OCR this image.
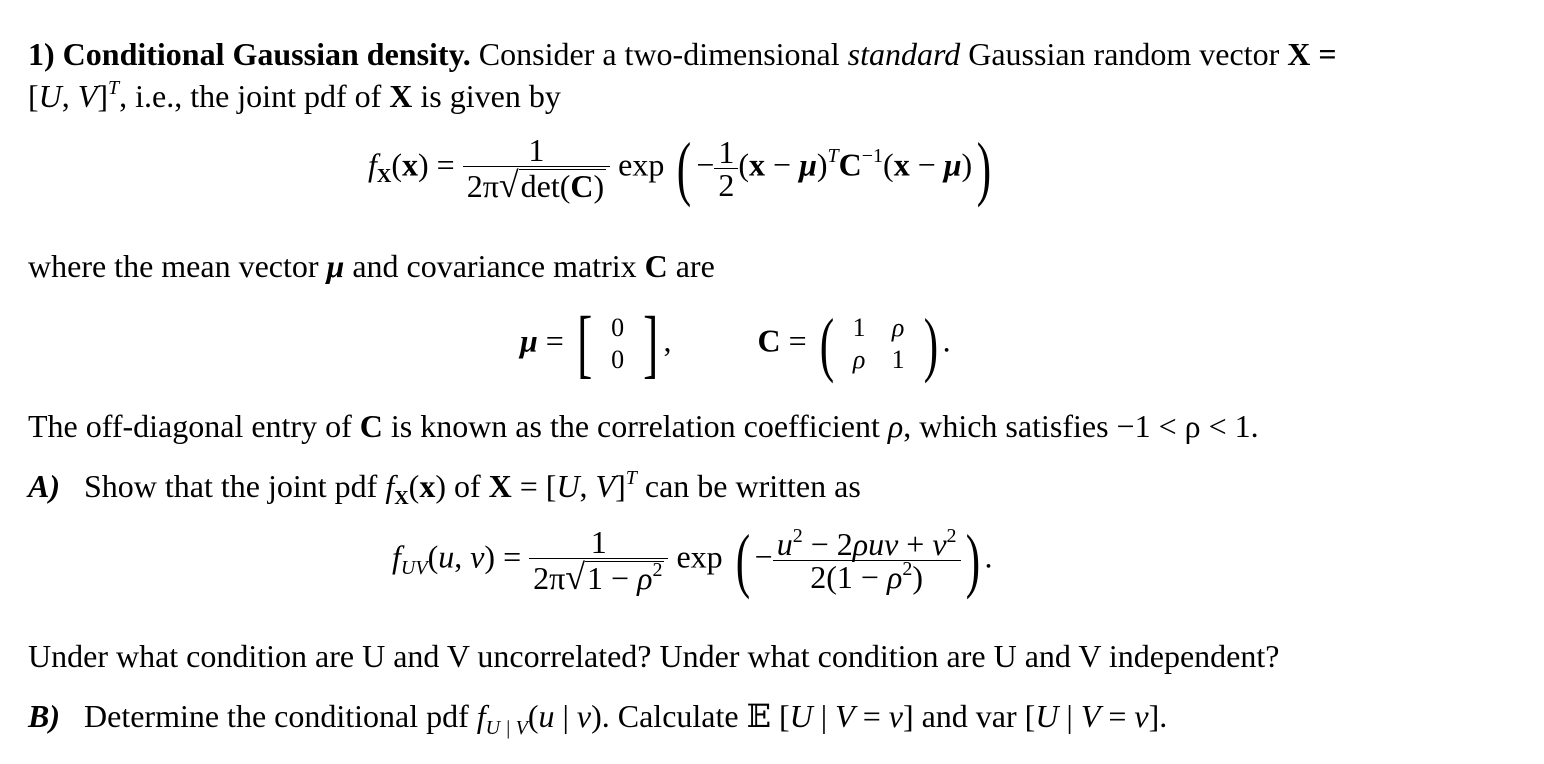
1) Conditional Gaussian density. Consider a two-dimensional standard Gaussian random vector X =
[U, V]$^T$, i.e., the joint pdf of X is given by
$f_X(x) = \frac{1}{2\pi√\det(C)}$ exp ( − $\frac{1}{2} (x - \mu)^TC^{-1}(x - \mu)$)
where the mean vector μ and covariance matrix C are
μ = [ 0
0 ] ,  C = ( 1	ρ
ρ	1 ) .
The off-diagonal entry of C is known as the correlation coefficient ρ, which satisfies −1 < ρ < 1.
A) Show that the joint pdf $f_X(x)$ of X = [U, V]$^T$ can be written as
$f_{UV}(u$, $v) = \frac{1}{2\pi√1 - \rho^2}$ exp ( − $\frac{u^2 - 2\rho uv + v^2}{2(1 - \rho^2)}$ ) .
Under what condition are U and V uncorrelated? Under what condition are U and V independent?
B) Determine the conditional pdf $f_{U | V}(u$ | v). Calculate 𝔼 [U | V = v] and var [U | V = v].
